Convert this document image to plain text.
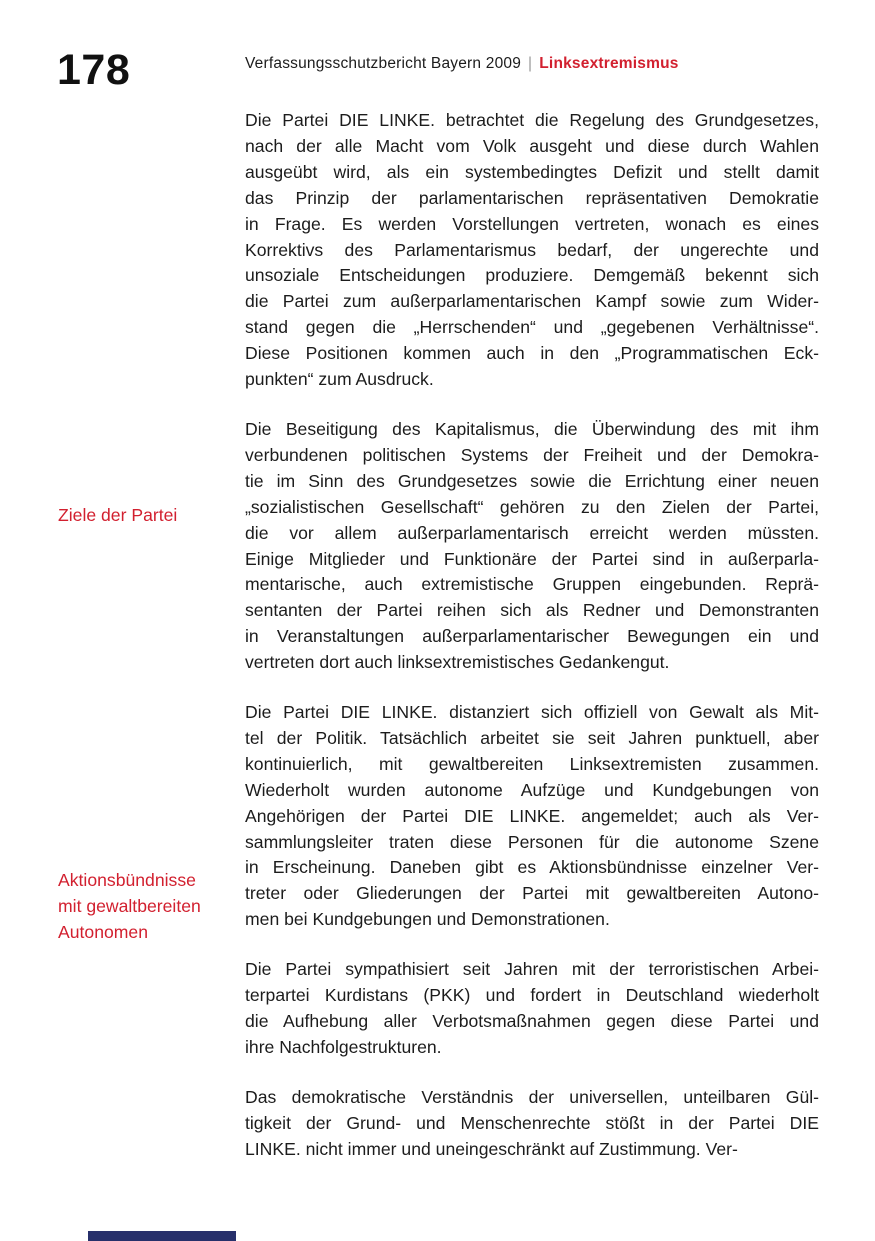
178	Verfassungsschutzbericht Bayern 2009 | Linksextremismus
Ziele der Partei
Aktionsbündnisse
mit gewaltbereiten
Autonomen
Die Partei DIE LINKE. betrachtet die Regelung des Grundgesetzes,
nach der alle Macht vom Volk ausgeht und diese durch Wahlen
ausgeübt wird, als ein systembedingtes Defizit und stellt damit
das Prinzip der parlamentarischen repräsentativen Demokratie
in Frage. Es werden Vorstellungen vertreten, wonach es eines
Korrektivs des Parlamentarismus bedarf, der ungerechte und
unsoziale Entscheidungen produziere. Demgemäß bekennt sich
die Partei zum außerparlamentarischen Kampf sowie zum Wider-
stand gegen die „Herrschenden“ und „gegebenen Verhältnisse“.
Diese Positionen kommen auch in den „Programmatischen Eck-
punkten“ zum Ausdruck.
Die Beseitigung des Kapitalismus, die Überwindung des mit ihm
verbundenen politischen Systems der Freiheit und der Demokra-
tie im Sinn des Grundgesetzes sowie die Errichtung einer neuen
„sozialistischen Gesellschaft“ gehören zu den Zielen der Partei,
die vor allem außerparlamentarisch erreicht werden müssten.
Einige Mitglieder und Funktionäre der Partei sind in außerparla-
mentarische, auch extremistische Gruppen eingebunden. Reprä-
sentanten der Partei reihen sich als Redner und Demonstranten
in Veranstaltungen außerparlamentarischer Bewegungen ein und
vertreten dort auch linksextremistisches Gedankengut.
Die Partei DIE LINKE. distanziert sich offiziell von Gewalt als Mit-
tel der Politik. Tatsächlich arbeitet sie seit Jahren punktuell, aber
kontinuierlich, mit gewaltbereiten Linksextremisten zusammen.
Wiederholt wurden autonome Aufzüge und Kundgebungen von
Angehörigen der Partei DIE LINKE. angemeldet; auch als Ver-
sammlungsleiter traten diese Personen für die autonome Szene
in Erscheinung. Daneben gibt es Aktionsbündnisse einzelner Ver-
treter oder Gliederungen der Partei mit gewaltbereiten Autono-
men bei Kundgebungen und Demonstrationen.
Die Partei sympathisiert seit Jahren mit der terroristischen Arbei-
terpartei Kurdistans (PKK) und fordert in Deutschland wiederholt
die Aufhebung aller Verbotsmaßnahmen gegen diese Partei und
ihre Nachfolgestrukturen.
Das demokratische Verständnis der universellen, unteilbaren Gül-
tigkeit der Grund- und Menschenrechte stößt in der Partei DIE
LINKE. nicht immer und uneingeschränkt auf Zustimmung. Ver-
